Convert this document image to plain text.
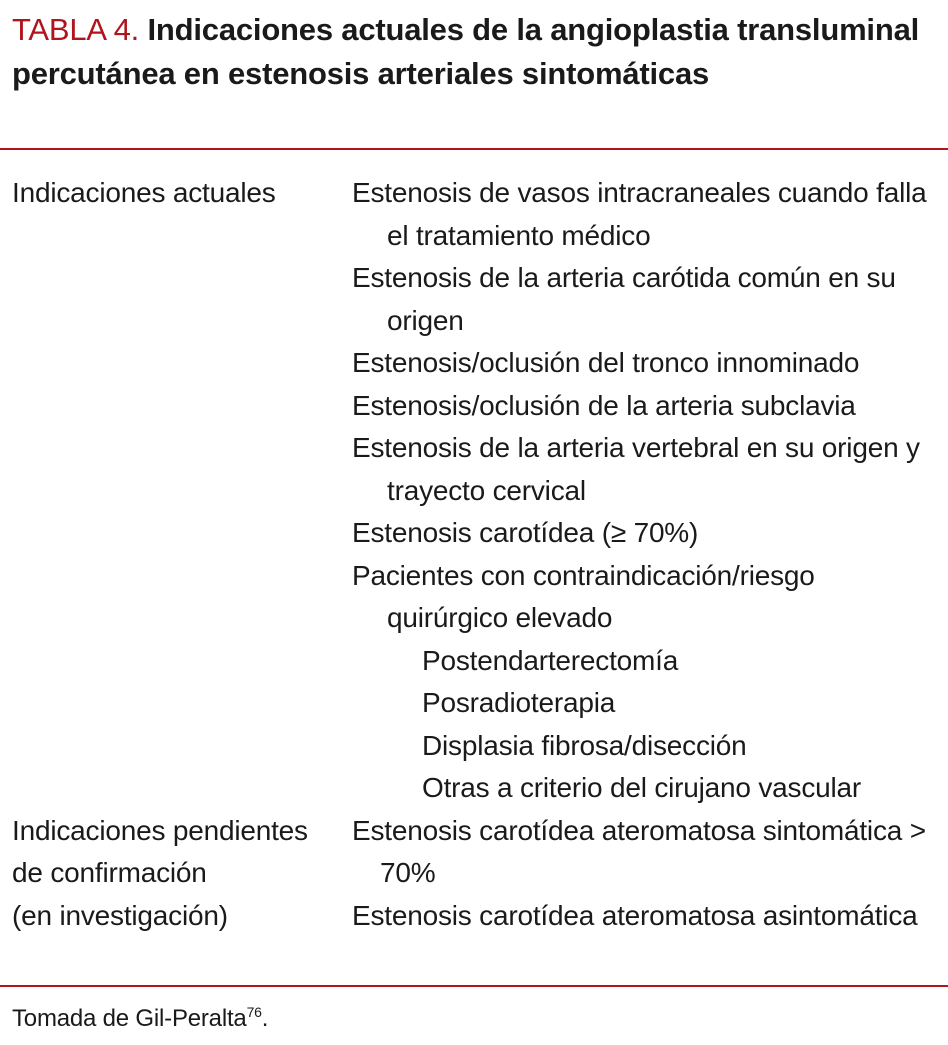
TABLA 4. Indicaciones actuales de la angioplastia transluminal percutánea en estenosis arteriales sintomáticas
Indicaciones actuales	Estenosis de vasos intracraneales cuando falla el tratamiento médico
Estenosis de la arteria carótida común en su origen
Estenosis/oclusión del tronco innominado
Estenosis/oclusión de la arteria subclavia
Estenosis de la arteria vertebral en su origen y trayecto cervical
Estenosis carotídea (≥ 70%)
Pacientes con contraindicación/riesgo quirúrgico elevado
Postendarterectomía
Posradioterapia
Displasia fibrosa/disección
Otras a criterio del cirujano vascular
Indicaciones pendientes
de confirmación
(en investigación)
Estenosis carotídea ateromatosa sintomática > 70%
Estenosis carotídea ateromatosa asintomática
Tomada de Gil-Peralta$^{76}$.
